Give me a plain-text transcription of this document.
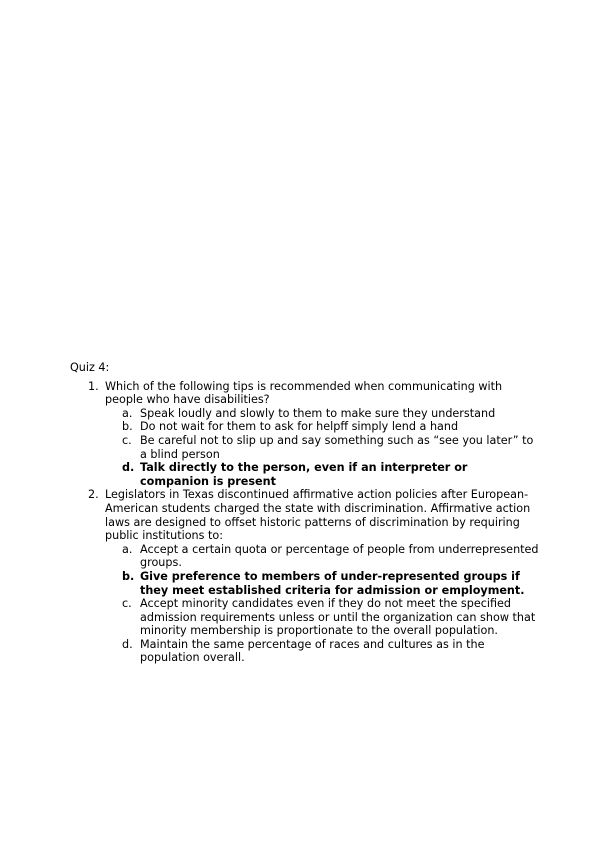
Quiz 4:
1. Which of the following tips is recommended when communicating with people who have disabilities?
a. Speak loudly and slowly to them to make sure they understand
b. Do not wait for them to ask for helpff simply lend a hand
c. Be careful not to slip up and say something such as “see you later” to a blind person
d. Talk directly to the person, even if an interpreter or companion is present
2. Legislators in Texas discontinued affirmative action policies after European-American students charged the state with discrimination. Affirmative action laws are designed to offset historic patterns of discrimination by requiring public institutions to:
a. Accept a certain quota or percentage of people from underrepresented groups.
b. Give preference to members of under-represented groups if they meet established criteria for admission or employment.
c. Accept minority candidates even if they do not meet the specified admission requirements unless or until the organization can show that minority membership is proportionate to the overall population.
d. Maintain the same percentage of races and cultures as in the population overall.
